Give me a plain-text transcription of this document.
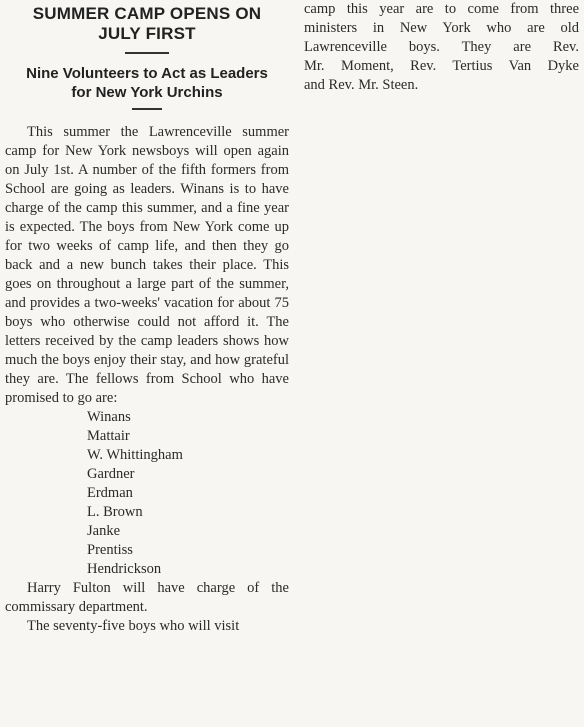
SUMMER CAMP OPENS ON
JULY FIRST
Nine Volunteers to Act as Leaders
for New York Urchins

This summer the Lawrenceville summer camp for New York newsboys will open again on July 1st. A number of the fifth formers from School are going as leaders. Winans is to have charge of the camp this summer, and a fine year is expected. The boys from New York come up for two weeks of camp life, and then they go back and a new bunch takes their place. This goes on throughout a large part of the summer, and provides a two-weeks' vacation for about 75 boys who otherwise could not afford it. The letters received by the camp leaders shows how much the boys enjoy their stay, and how grateful they are. The fellows from School who have promised to go are:

Winans
Mattair
W. Whittingham
Gardner
Erdman
L. Brown
Janke
Prentiss
Hendrickson

Harry Fulton will have charge of the commissary department.

The seventy-five boys who will visit

camp this year are to come from three
ministers in New York who are old
Lawrenceville boys. They are Rev.
Mr. Moment, Rev. Tertius Van Dyke
and Rev. Mr. Steen.
